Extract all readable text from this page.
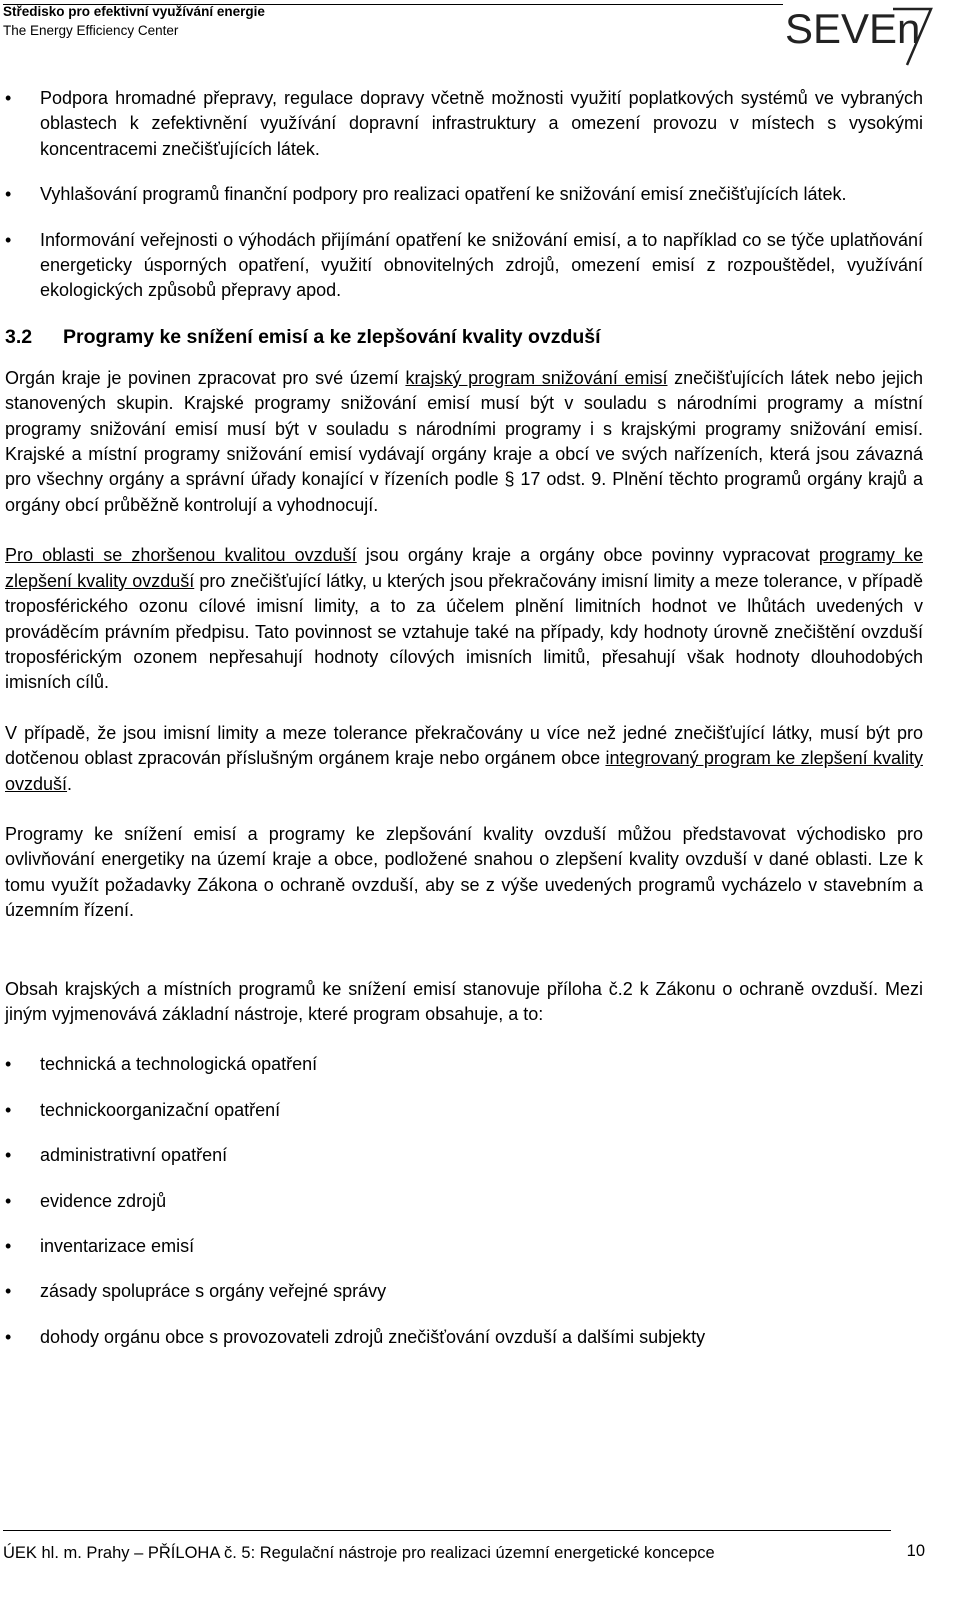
Středisko pro efektivní využívání energie
The Energy Efficiency Center	SEVEn
• Podpora hromadné přepravy, regulace dopravy včetně možnosti využití poplatkových systémů ve vybraných oblastech k zefektivnění využívání dopravní infrastruktury a omezení provozu v místech s vysokými koncentracemi znečišťujících látek.
• Vyhlašování programů finanční podpory pro realizaci opatření ke snižování emisí znečišťujících látek.
• Informování veřejnosti o výhodách přijímání opatření ke snižování emisí, a to například co se týče uplatňování energeticky úsporných opatření, využití obnovitelných zdrojů, omezení emisí z rozpouštědel, využívání ekologických způsobů přepravy apod.
3.2 Programy ke snížení emisí a ke zlepšování kvality ovzduší

Orgán kraje je povinen zpracovat pro své území krajský program snižování emisí znečišťujících látek nebo jejich stanovených skupin. Krajské programy snižování emisí musí být v souladu s národními programy a místní programy snižování emisí musí být v souladu s národními programy i s krajskými programy snižování emisí. Krajské a místní programy snižování emisí vydávají orgány kraje a obcí ve svých nařízeních, která jsou závazná pro všechny orgány a správní úřady konající v řízeních podle § 17 odst. 9. Plnění těchto programů orgány krajů a orgány obcí průběžně kontrolují a vyhodnocují.

Pro oblasti se zhoršenou kvalitou ovzduší jsou orgány kraje a orgány obce povinny vypracovat programy ke zlepšení kvality ovzduší pro znečišťující látky, u kterých jsou překračovány imisní limity a meze tolerance, v případě troposférického ozonu cílové imisní limity, a to za účelem plnění limitních hodnot ve lhůtách uvedených v prováděcím právním předpisu. Tato povinnost se vztahuje také na případy, kdy hodnoty úrovně znečištění ovzduší troposférickým ozonem nepřesahují hodnoty cílových imisních limitů, přesahují však hodnoty dlouhodobých imisních cílů.

V případě, že jsou imisní limity a meze tolerance překračovány u více než jedné znečišťující látky, musí být pro dotčenou oblast zpracován příslušným orgánem kraje nebo orgánem obce integrovaný program ke zlepšení kvality ovzduší.

Programy ke snížení emisí a programy ke zlepšování kvality ovzduší můžou představovat východisko pro ovlivňování energetiky na území kraje a obce, podložené snahou o zlepšení kvality ovzduší v dané oblasti. Lze k tomu využít požadavky Zákona o ochraně ovzduší, aby se z výše uvedených programů vycházelo v stavebním a územním řízení.

Obsah krajských a místních programů ke snížení emisí stanovuje příloha č.2 k Zákonu o ochraně ovzduší. Mezi jiným vyjmenovává základní nástroje, které program obsahuje, a to:

• technická a technologická opatření
• technickoorganizační opatření
• administrativní opatření
• evidence zdrojů
• inventarizace emisí
• zásady spolupráce s orgány veřejné správy
• dohody orgánu obce s provozovateli zdrojů znečišťování ovzduší a dalšími subjekty
ÚEK hl. m. Prahy – PŘÍLOHA č. 5: Regulační nástroje pro realizaci územní energetické koncepce	10
